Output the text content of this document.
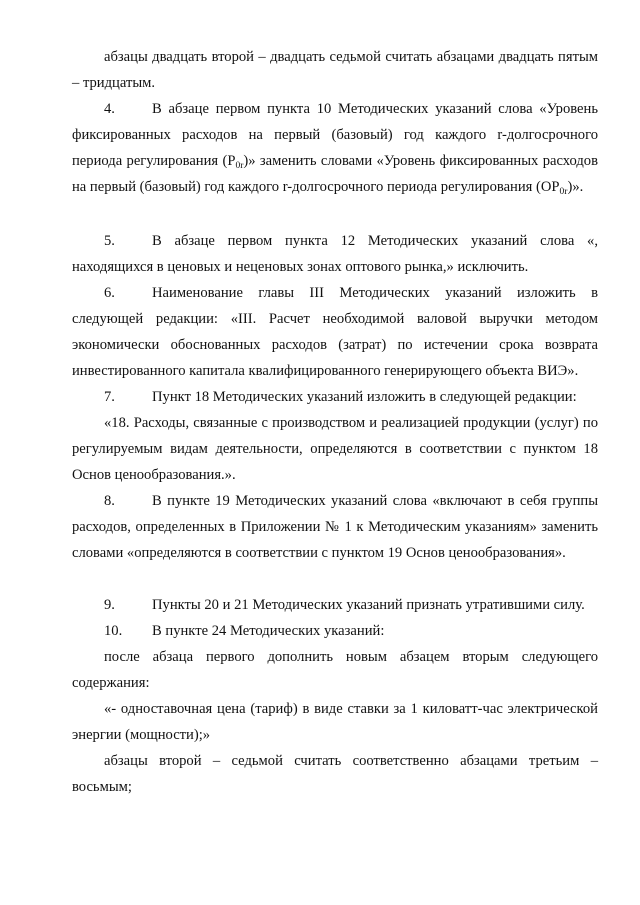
абзацы двадцать второй – двадцать седьмой считать абзацами двадцать пятым – тридцатым.
4.	В абзаце первом пункта 10 Методических указаний слова «Уровень фиксированных расходов на первый (базовый) год каждого r-долгосрочного периода регулирования $(P_{0r})$» заменить словами «Уровень фиксированных расходов на первый (базовый) год каждого r-долгосрочного периода регулирования $(OP_{0r})$».
5.	В абзаце первом пункта 12 Методических указаний слова «, находящихся в ценовых и неценовых зонах оптового рынка,» исключить.
6.	Наименование главы III Методических указаний изложить в следующей редакции: «III. Расчет необходимой валовой выручки методом экономически обоснованных расходов (затрат) по истечении срока возврата инвестированного капитала квалифицированного генерирующего объекта ВИЭ».
7.	Пункт 18 Методических указаний изложить в следующей редакции:
«18. Расходы, связанные с производством и реализацией продукции (услуг) по регулируемым видам деятельности, определяются в соответствии с пунктом 18 Основ ценообразования.».
8.	В пункте 19 Методических указаний слова «включают в себя группы расходов, определенных в Приложении № 1 к Методическим указаниям» заменить словами «определяются в соответствии с пунктом 19 Основ ценообразования».
9.	Пункты 20 и 21 Методических указаний признать утратившими силу.
10. В пункте 24 Методических указаний:
после абзаца первого дополнить новым абзацем вторым следующего содержания:
«- одноставочная цена (тариф) в виде ставки за 1 киловатт-час электрической энергии (мощности);»
абзацы второй – седьмой считать соответственно абзацами третьим – восьмым;
